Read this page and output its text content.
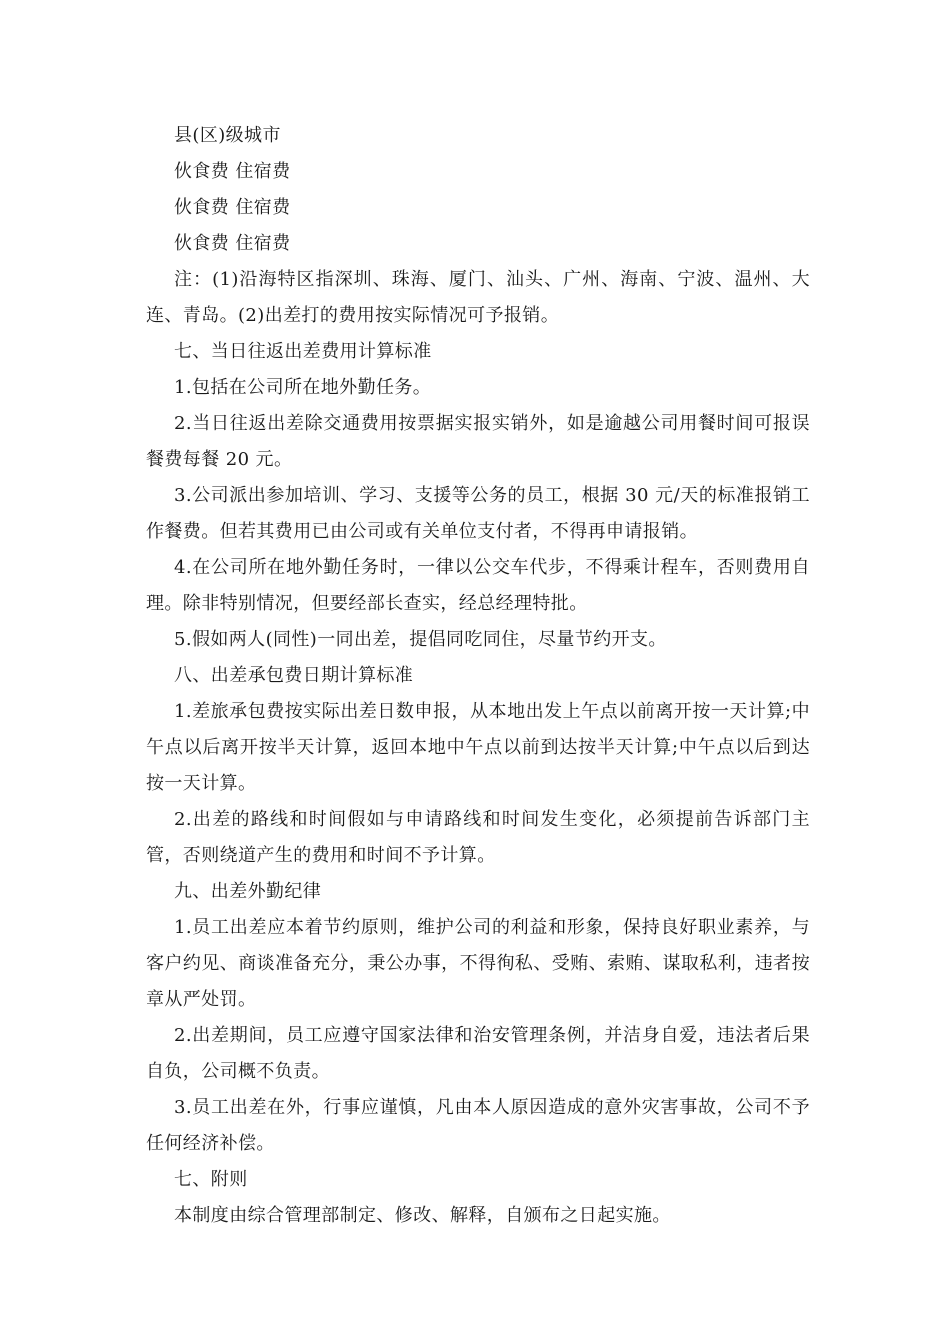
县(区)级城市

伙食费 住宿费

伙食费 住宿费

伙食费 住宿费

注：(1)沿海特区指深圳、珠海、厦门、汕头、广州、海南、宁波、温州、大连、青岛。(2)出差打的费用按实际情况可予报销。

七、当日往返出差费用计算标准

1.包括在公司所在地外勤任务。

2.当日往返出差除交通费用按票据实报实销外，如是逾越公司用餐时间可报误餐费每餐 20 元。

3.公司派出参加培训、学习、支援等公务的员工，根据 30 元/天的标准报销工作餐费。但若其费用已由公司或有关单位支付者，不得再申请报销。

4.在公司所在地外勤任务时，一律以公交车代步，不得乘计程车，否则费用自理。除非特别情况，但要经部长查实，经总经理特批。

5.假如两人(同性)一同出差，提倡同吃同住，尽量节约开支。

八、出差承包费日期计算标准

1.差旅承包费按实际出差日数申报，从本地出发上午点以前离开按一天计算;中午点以后离开按半天计算，返回本地中午点以前到达按半天计算;中午点以后到达按一天计算。

2.出差的路线和时间假如与申请路线和时间发生变化，必须提前告诉部门主管，否则绕道产生的费用和时间不予计算。

九、出差外勤纪律

1.员工出差应本着节约原则，维护公司的利益和形象，保持良好职业素养，与客户约见、商谈准备充分，秉公办事，不得徇私、受贿、索贿、谋取私利，违者按章从严处罚。

2.出差期间，员工应遵守国家法律和治安管理条例，并洁身自爱，违法者后果自负，公司概不负责。

3.员工出差在外，行事应谨慎，凡由本人原因造成的意外灾害事故，公司不予任何经济补偿。

七、附则

本制度由综合管理部制定、修改、解释，自颁布之日起实施。
